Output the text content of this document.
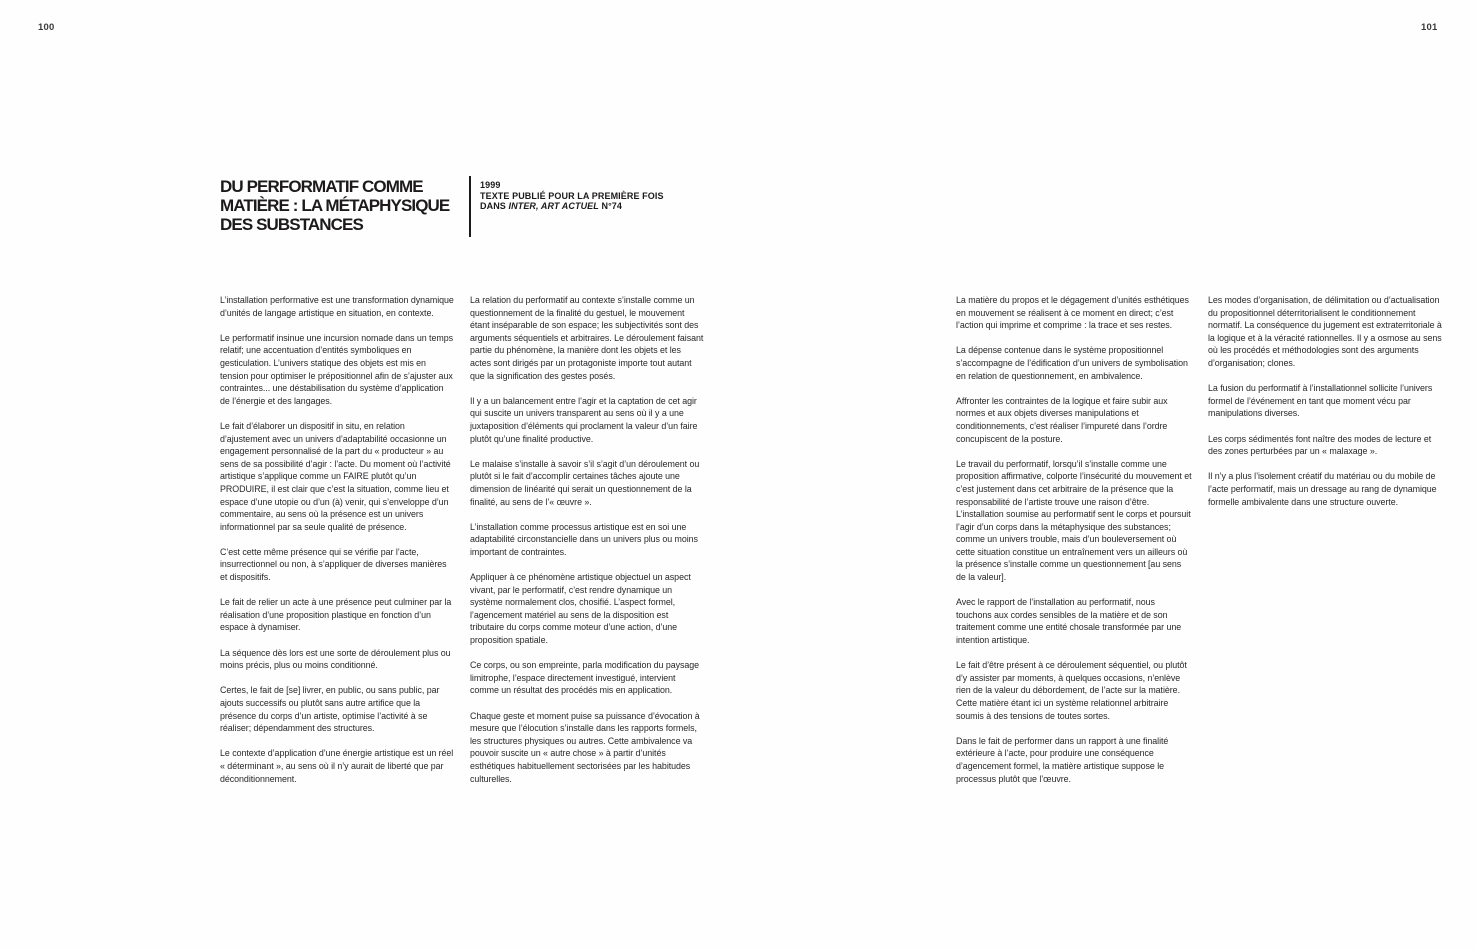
100	101
DU PERFORMATIF COMME
MATIÈRE : LA MÉTAPHYSIQUE
DES SUBSTANCES
1999
TEXTE PUBLIÉ POUR LA PREMIÈRE FOIS
DANS INTER, ART ACTUEL N°74

L’installation performative est une transformation dynamique d’unités de langage artistique en situation, en contexte.

Le performatif insinue une incursion nomade dans un temps relatif; une accentuation d’entités symboliques en gesticulation. L’univers statique des objets est mis en tension pour optimiser le prépositionnel afin de s’ajuster aux contraintes... une déstabilisation du système d’application de l’énergie et des langages.

Le fait d’élaborer un dispositif in situ, en relation d’ajustement avec un univers d’adaptabilité occasionne un engagement personnalisé de la part du « producteur » au sens de sa possibilité d’agir : l’acte. Du moment où l’activité artistique s’applique comme un FAIRE plutôt qu’un PRODUIRE, il est clair que c’est la situation, comme lieu et espace d’une utopie ou d’un (à) venir, qui s’enveloppe d’un commentaire, au sens où la présence est un univers informationnel par sa seule qualité de présence.

C’est cette même présence qui se vérifie par l’acte, insurrectionnel ou non, à s’appliquer de diverses manières et dispositifs.

Le fait de relier un acte à une présence peut culminer par la réalisation d’une proposition plastique en fonction d’un espace à dynamiser.

La séquence dès lors est une sorte de déroulement plus ou moins précis, plus ou moins conditionné.

Certes, le fait de [se] livrer, en public, ou sans public, par ajouts successifs ou plutôt sans autre artifice que la présence du corps d’un artiste, optimise l’activité à se réaliser; dépendamment des structures.

Le contexte d’application d’une énergie artistique est un réel « déterminant », au sens où il n’y aurait de liberté que par déconditionnement.

La relation du performatif au contexte s’installe comme un questionnement de la finalité du gestuel, le mouvement étant inséparable de son espace; les subjectivités sont des arguments séquentiels et arbitraires. Le déroulement faisant partie du phénomène, la manière dont les objets et les actes sont dirigés par un protagoniste importe tout autant que la signification des gestes posés.

Il y a un balancement entre l’agir et la captation de cet agir qui suscite un univers transparent au sens où il y a une juxtaposition d’éléments qui proclament la valeur d’un faire plutôt qu’une finalité productive.

Le malaise s’installe à savoir s’il s’agit d’un déroulement ou plutôt si le fait d’accomplir certaines tâches ajoute une dimension de linéarité qui serait un questionnement de la finalité, au sens de l’« œuvre ».

L’installation comme processus artistique est en soi une adaptabilité circonstancielle dans un univers plus ou moins important de contraintes.

Appliquer à ce phénomène artistique objectuel un aspect vivant, par le performatif, c’est rendre dynamique un système normalement clos, chosifié. L’aspect formel, l’agencement matériel au sens de la disposition est tributaire du corps comme moteur d’une action, d’une proposition spatiale.

Ce corps, ou son empreinte, parla modification du paysage limitrophe, l’espace directement investigué, intervient comme un résultat des procédés mis en application.

Chaque geste et moment puise sa puissance d’évocation à mesure que l’élocution s’installe dans les rapports formels, les structures physiques ou autres. Cette ambivalence va pouvoir suscite un « autre chose » à partir d’unités esthétiques habituellement sectorisées par les habitudes culturelles.

La matière du propos et le dégagement d’unités esthétiques en mouvement se réalisent à ce moment en direct; c’est l’action qui imprime et comprime : la trace et ses restes.

La dépense contenue dans le système propositionnel s’accompagne de l’édification d’un univers de symbolisation en relation de questionnement, en ambivalence.

Affronter les contraintes de la logique et faire subir aux normes et aux objets diverses manipulations et conditionnements, c’est réaliser l’impureté dans l’ordre concupiscent de la posture.

Le travail du performatif, lorsqu’il s’installe comme une proposition affirmative, colporte l’insécurité du mouvement et c’est justement dans cet arbitraire de la présence que la responsabilité de l’artiste trouve une raison d’être. L’installation soumise au performatif sent le corps et poursuit l’agir d’un corps dans la métaphysique des substances; comme un univers trouble, mais d’un bouleversement où cette situation constitue un entraînement vers un ailleurs où la présence s’installe comme un questionnement [au sens de la valeur].

Avec le rapport de l’installation au performatif, nous touchons aux cordes sensibles de la matière et de son traitement comme une entité chosale transformée par une intention artistique.

Le fait d’être présent à ce déroulement séquentiel, ou plutôt d’y assister par moments, à quelques occasions, n’enlève rien de la valeur du débordement, de l’acte sur la matière. Cette matière étant ici un système relationnel arbitraire soumis à des tensions de toutes sortes.

Dans le fait de performer dans un rapport à une finalité extérieure à l’acte, pour produire une conséquence d’agencement formel, la matière artistique suppose le processus plutôt que l’œuvre.

Les modes d’organisation, de délimitation ou d’actualisation du propositionnel déterritorialisent le conditionnement normatif. La conséquence du jugement est extraterritoriale à la logique et à la véracité rationnelles. Il y a osmose au sens où les procédés et méthodologies sont des arguments d’organisation; clones.

La fusion du performatif à l’installationnel sollicite l’univers formel de l’événement en tant que moment vécu par manipulations diverses.

Les corps sédimentés font naître des modes de lecture et des zones perturbées par un « malaxage ».

Il n’y a plus l’isolement créatif du matériau ou du mobile de l’acte performatif, mais un dressage au rang de dynamique formelle ambivalente dans une structure ouverte.
